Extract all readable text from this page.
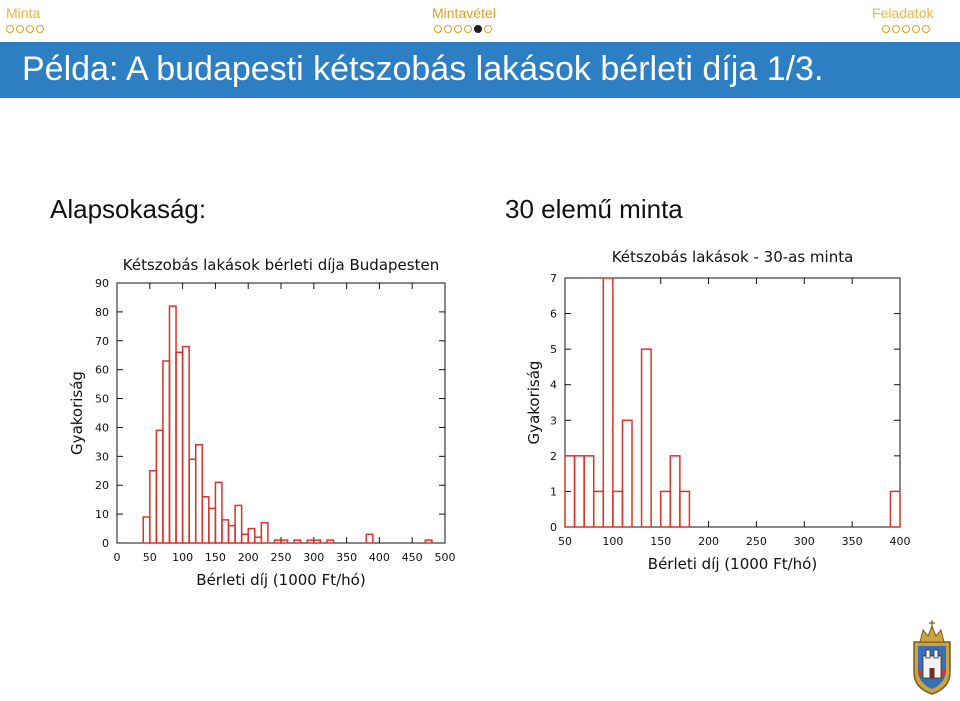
Minta	Mintavétel	Feladatok
Példa: A budapesti kétszobás lakások bérleti díja 1/3.
Alapsokaság:	30 elemű minta
Kétszobás lakások bérleti díja Budapesten
0
10
20
30
40
50
60
70
80
90
0 50 100 150 200 250 300 350 400 450 500
Bérleti díj (1000 Ft/hó)
Gyakoriság
Kétszobás lakások - 30-as minta
0
1
2
3
4
5
6
7
50	100 150 200 250 300 350 400
Bérleti díj (1000 Ft/hó)
Gyakoriság
